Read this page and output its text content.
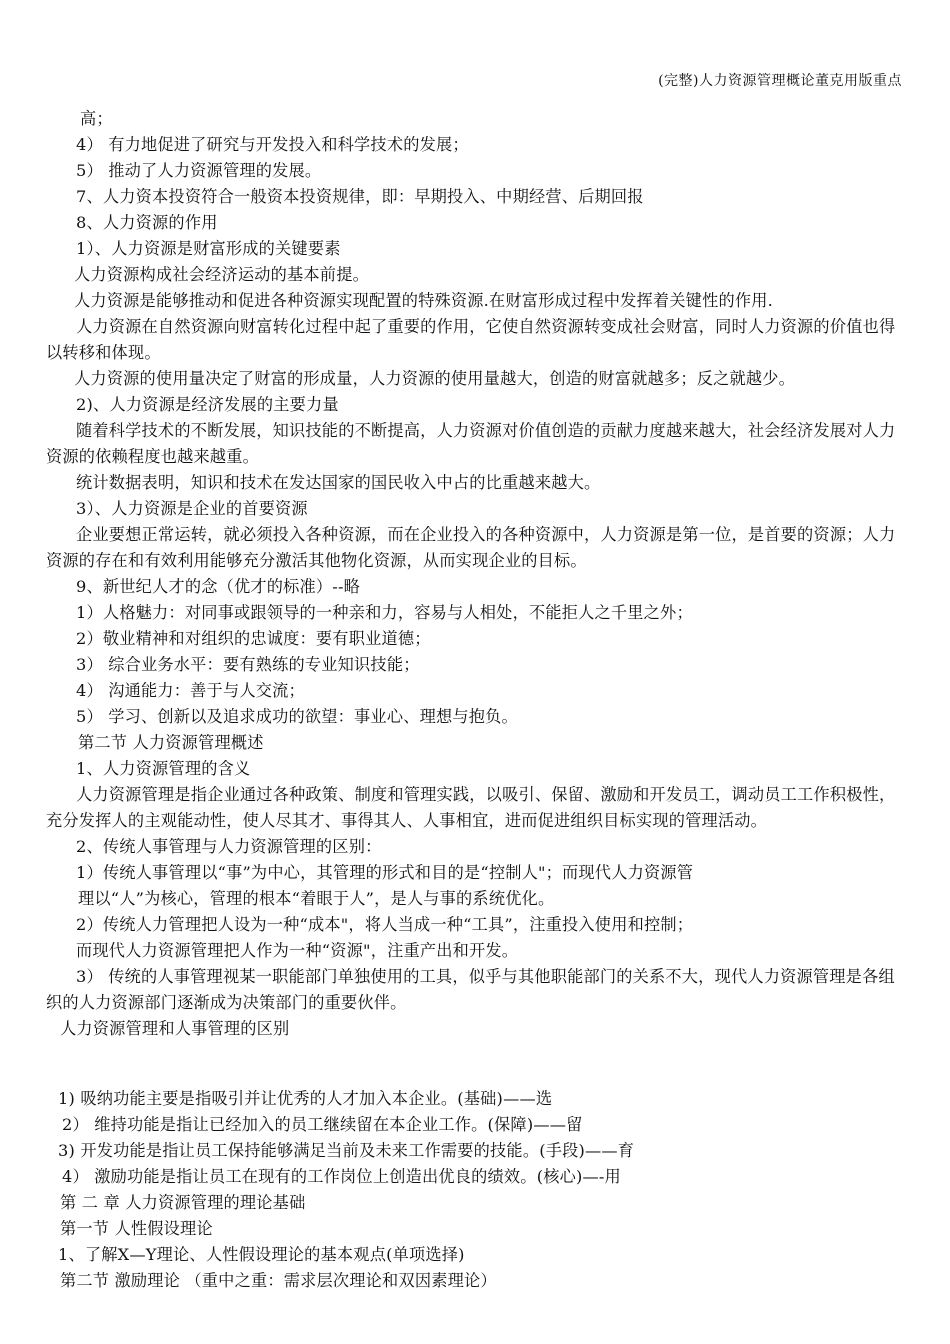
(完整)人力资源管理概论董克用版重点
高；
4） 有力地促进了研究与开发投入和科学技术的发展；
5） 推动了人力资源管理的发展。
7、人力资本投资符合一般资本投资规律，即：早期投入、中期经营、后期回报
8、人力资源的作用
1）、人力资源是财富形成的关键要素
人力资源构成社会经济运动的基本前提。
人力资源是能够推动和促进各种资源实现配置的特殊资源.在财富形成过程中发挥着关键性的作用.
人力资源在自然资源向财富转化过程中起了重要的作用，它使自然资源转变成社会财富，同时人力资源的价值也得以转移和体现。
人力资源的使用量决定了财富的形成量，人力资源的使用量越大，创造的财富就越多；反之就越少。
2)、人力资源是经济发展的主要力量
随着科学技术的不断发展，知识技能的不断提高，人力资源对价值创造的贡献力度越来越大，社会经济发展对人力资源的依赖程度也越来越重。
统计数据表明，知识和技术在发达国家的国民收入中占的比重越来越大。
3）、人力资源是企业的首要资源
企业要想正常运转，就必须投入各种资源，而在企业投入的各种资源中，人力资源是第一位，是首要的资源；人力资源的存在和有效利用能够充分激活其他物化资源，从而实现企业的目标。
9、新世纪人才的念（优才的标准）--略
1）人格魅力：对同事或跟领导的一种亲和力，容易与人相处，不能拒人之千里之外；
2）敬业精神和对组织的忠诚度：要有职业道德；
3） 综合业务水平：要有熟练的专业知识技能；
4） 沟通能力：善于与人交流；
5） 学习、创新以及追求成功的欲望：事业心、理想与抱负。
第二节 人力资源管理概述
1、人力资源管理的含义
人力资源管理是指企业通过各种政策、制度和管理实践，以吸引、保留、激励和开发员工，调动员工工作积极性，充分发挥人的主观能动性，使人尽其才、事得其人、人事相宜，进而促进组织目标实现的管理活动。
2、传统人事管理与人力资源管理的区别：
1）传统人事管理以“事”为中心，其管理的形式和目的是“控制人"；而现代人力资源管
理以“人”为核心，管理的根本“着眼于人”，是人与事的系统优化。
2）传统人力管理把人设为一种“成本"，将人当成一种“工具”，注重投入使用和控制；
而现代人力资源管理把人作为一种“资源"，注重产出和开发。
3） 传统的人事管理视某一职能部门单独使用的工具，似乎与其他职能部门的关系不大，现代人力资源管理是各组织的人力资源部门逐渐成为决策部门的重要伙伴。
人力资源管理和人事管理的区别
1) 吸纳功能主要是指吸引并让优秀的人才加入本企业。(基础)——选
2） 维持功能是指让已经加入的员工继续留在本企业工作。(保障)——留
3) 开发功能是指让员工保持能够满足当前及未来工作需要的技能。(手段)——育
4） 激励功能是指让员工在现有的工作岗位上创造出优良的绩效。(核心)—-用
第 二 章 人力资源管理的理论基础
第一节 人性假设理论
1、了解X—Y理论、人性假设理论的基本观点(单项选择)
第二节 激励理论 （重中之重：需求层次理论和双因素理论）
